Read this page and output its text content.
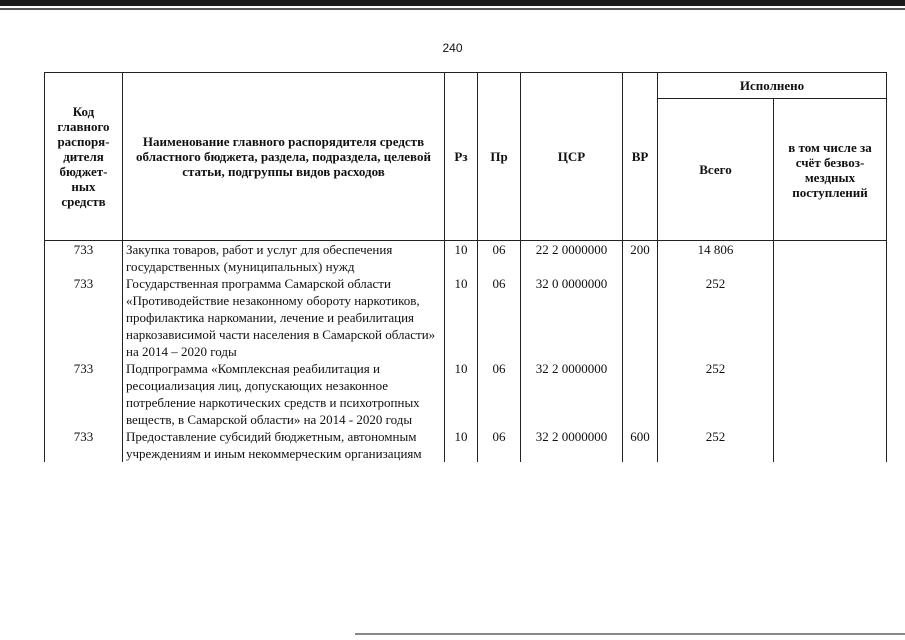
240
Код главного распоря-дителя бюджет-ных средств	Наименование главного распорядителя средств областного бюджета, раздела, подраздела, целевой статьи, подгруппы видов расходов	Рз	Пр	ЦСР	ВР	Исполнено	
						Всего	в том числе за счёт безвоз-мездных поступлений
733	Закупка товаров, работ и услуг для обеспечения государственных (муниципальных) нужд	10	06	22 2 0000000	200	14 806	
733	Государственная программа Самарской области «Противодействие незаконному обороту наркотиков, профилактика наркомании, лечение и реабилитация наркозависимой части населения в Самарской области» на 2014 – 2020 годы	10	06	32 0 0000000		252	
733	Подпрограмма «Комплексная реабилитация и ресоциализация лиц, допускающих незаконное потребление наркотических средств и психотропных веществ, в Самарской области» на 2014 - 2020 годы	10	06	32 2 0000000		252	
733	Предоставление субсидий бюджетным, автономным учреждениям и иным некоммерческим организациям	10	06	32 2 0000000	600	252	
